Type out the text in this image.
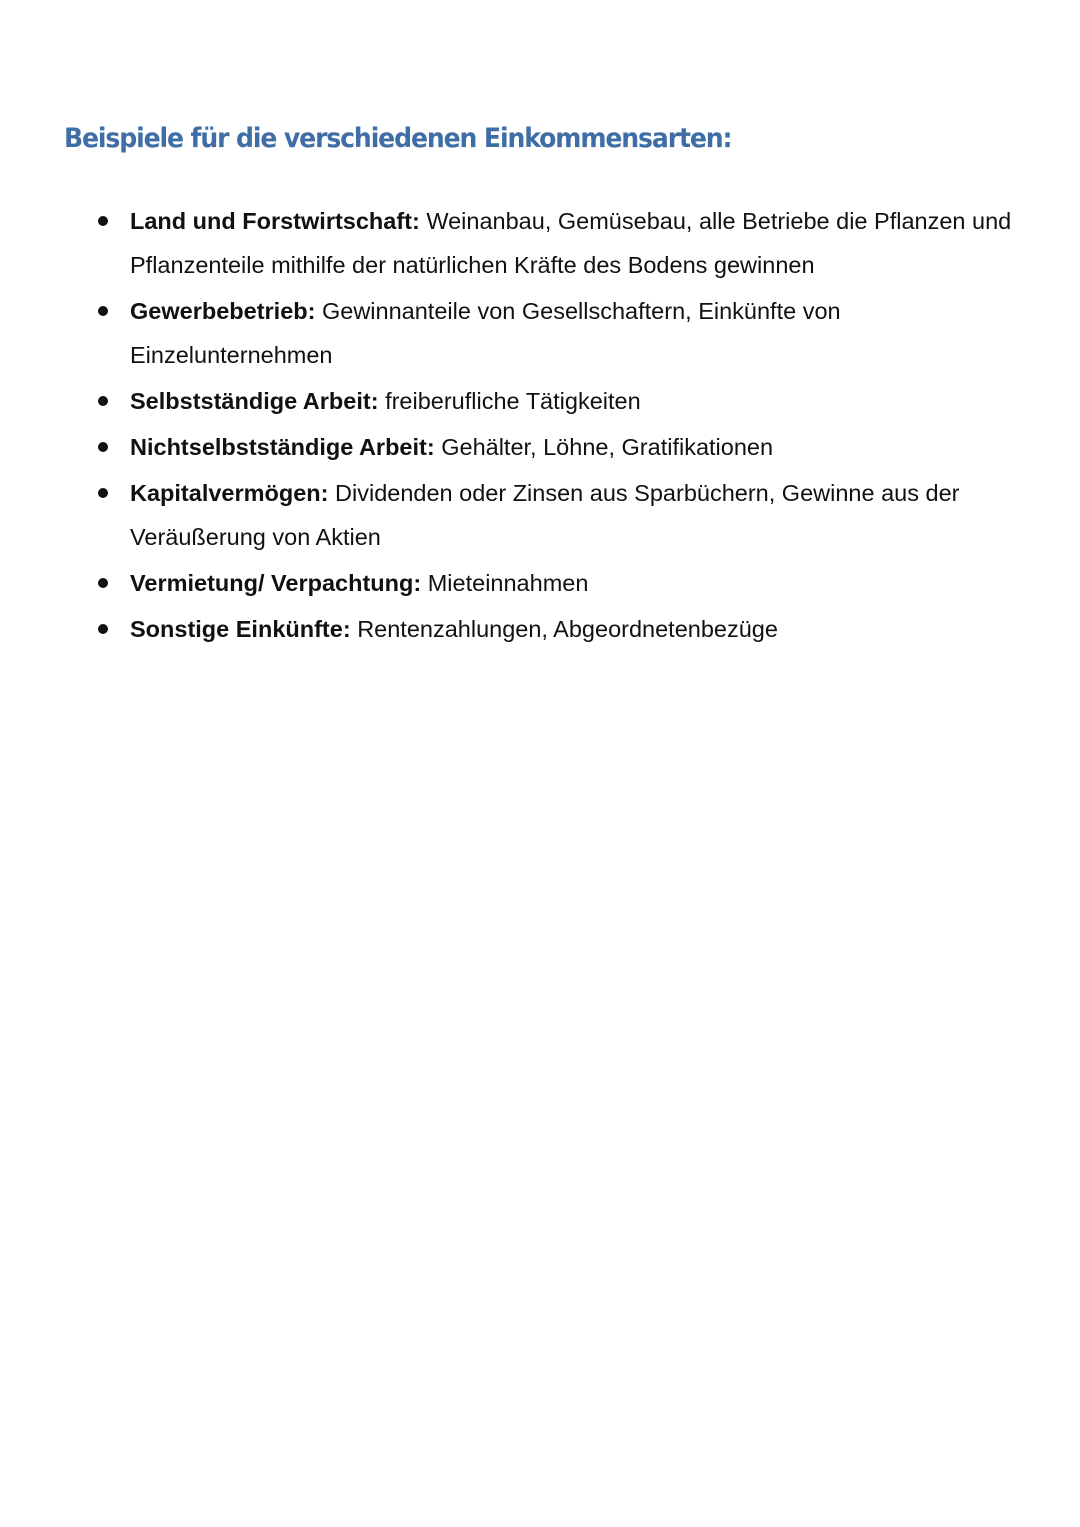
Beispiele für die verschiedenen Einkommensarten:
Land und Forstwirtschaft: Weinanbau, Gemüsebau, alle Betriebe die Pflanzen und Pflanzenteile mithilfe der natürlichen Kräfte des Bodens gewinnen
Gewerbebetrieb: Gewinnanteile von Gesellschaftern, Einkünfte von Einzelunternehmen
Selbstständige Arbeit: freiberufliche Tätigkeiten
Nichtselbstständige Arbeit: Gehälter, Löhne, Gratifikationen
Kapitalvermögen: Dividenden oder Zinsen aus Sparbüchern, Gewinne aus der Veräußerung von Aktien
Vermietung/ Verpachtung: Mieteinnahmen
Sonstige Einkünfte: Rentenzahlungen, Abgeordnetenbezüge
